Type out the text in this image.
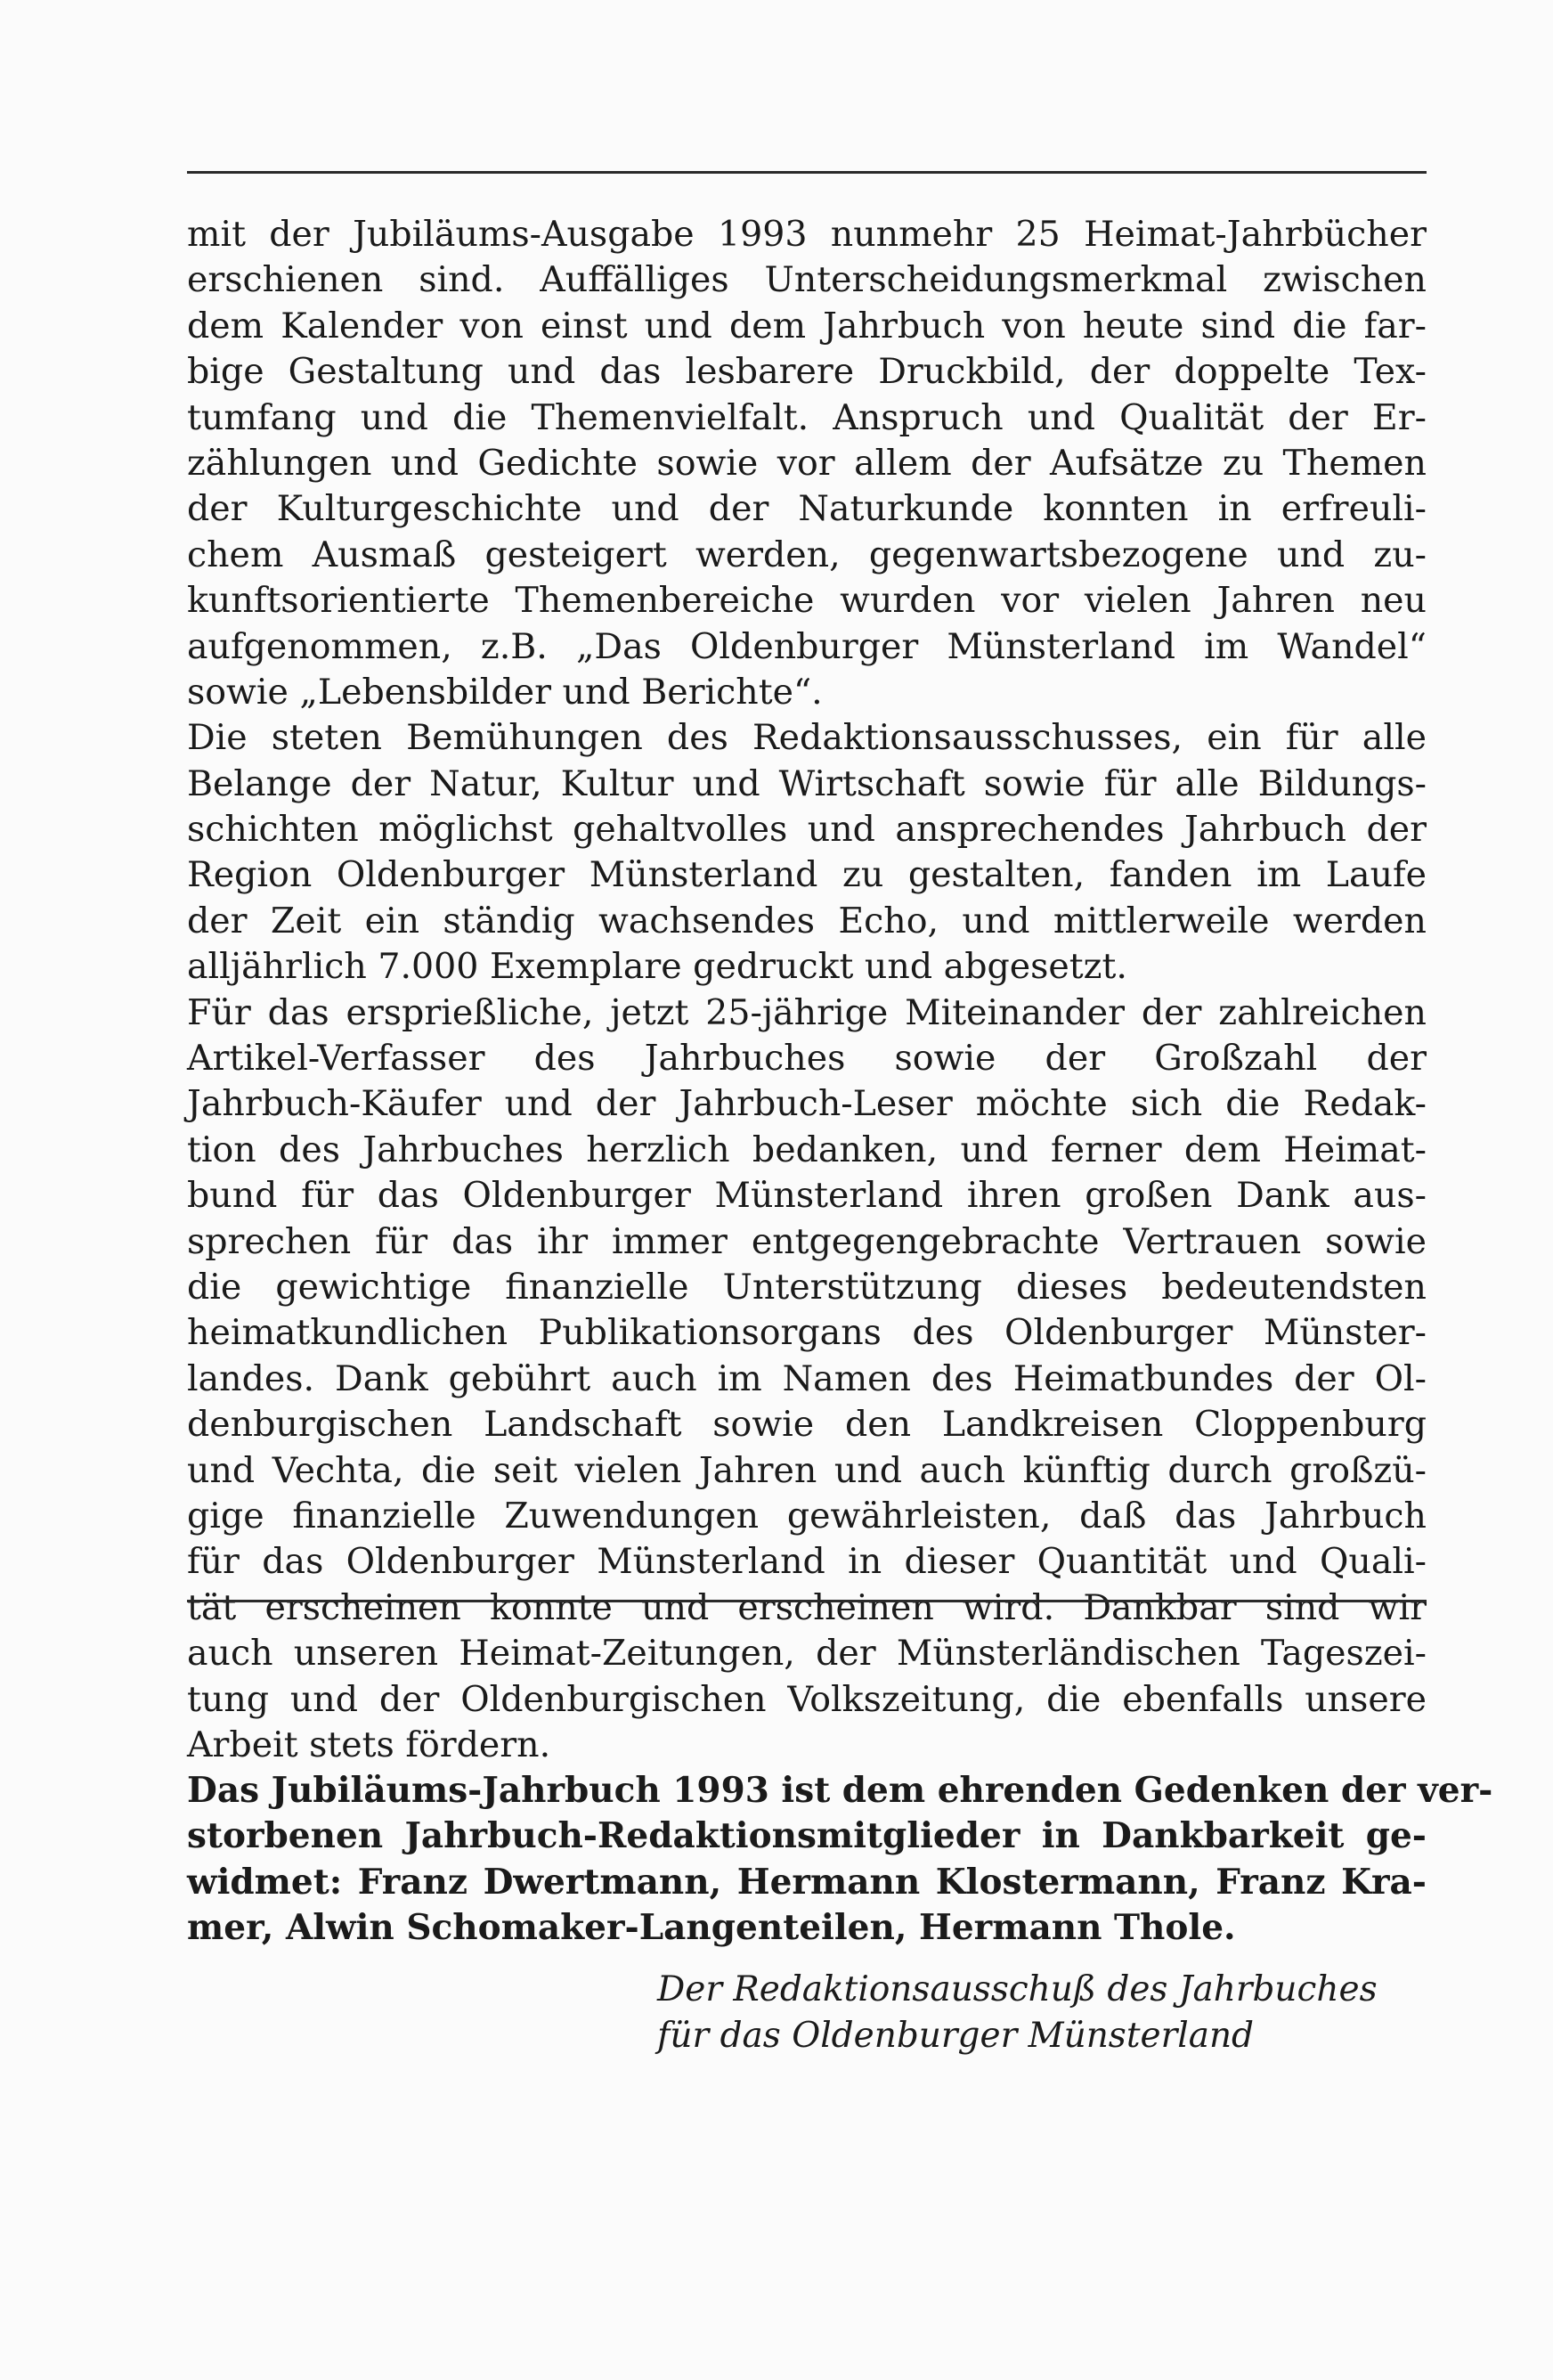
mit der Jubiläums-Ausgabe 1993 nunmehr 25 Heimat-Jahrbücher
erschienen sind. Auffälliges Unterscheidungsmerkmal zwischen
dem Kalender von einst und dem Jahrbuch von heute sind die far-
bige Gestaltung und das lesbarere Druckbild, der doppelte Tex-
tumfang und die Themenvielfalt. Anspruch und Qualität der Er-
zählungen und Gedichte sowie vor allem der Aufsätze zu Themen
der Kulturgeschichte und der Naturkunde konnten in erfreuli-
chem Ausmaß gesteigert werden, gegenwartsbezogene und zu-
kunftsorientierte Themenbereiche wurden vor vielen Jahren neu
aufgenommen, z.B. „Das Oldenburger Münsterland im Wandel“
sowie „Lebensbilder und Berichte“.
Die steten Bemühungen des Redaktionsausschusses, ein für alle
Belange der Natur, Kultur und Wirtschaft sowie für alle Bildungs-
schichten möglichst gehaltvolles und ansprechendes Jahrbuch der
Region Oldenburger Münsterland zu gestalten, fanden im Laufe
der Zeit ein ständig wachsendes Echo, und mittlerweile werden
alljährlich 7.000 Exemplare gedruckt und abgesetzt.
Für das ersprießliche, jetzt 25-jährige Miteinander der zahlreichen
Artikel-Verfasser des Jahrbuches sowie der Großzahl der
Jahrbuch-Käufer und der Jahrbuch-Leser möchte sich die Redak-
tion des Jahrbuches herzlich bedanken, und ferner dem Heimat-
bund für das Oldenburger Münsterland ihren großen Dank aus-
sprechen für das ihr immer entgegengebrachte Vertrauen sowie
die gewichtige finanzielle Unterstützung dieses bedeutendsten
heimatkundlichen Publikationsorgans des Oldenburger Münster-
landes. Dank gebührt auch im Namen des Heimatbundes der Ol-
denburgischen Landschaft sowie den Landkreisen Cloppenburg
und Vechta, die seit vielen Jahren und auch künftig durch großzü-
gige finanzielle Zuwendungen gewährleisten, daß das Jahrbuch
für das Oldenburger Münsterland in dieser Quantität und Quali-
tät erscheinen konnte und erscheinen wird. Dankbar sind wir
auch unseren Heimat-Zeitungen, der Münsterländischen Tageszei-
tung und der Oldenburgischen Volkszeitung, die ebenfalls unsere
Arbeit stets fördern.
Das Jubiläums-Jahrbuch 1993 ist dem ehrenden Gedenken der ver-
storbenen Jahrbuch-Redaktionsmitglieder in Dankbarkeit ge-
widmet: Franz Dwertmann, Hermann Klostermann, Franz Kra-
mer, Alwin Schomaker-Langenteilen, Hermann Thole.
Der Redaktionsausschuß des Jahrbuches
für das Oldenburger Münsterland
